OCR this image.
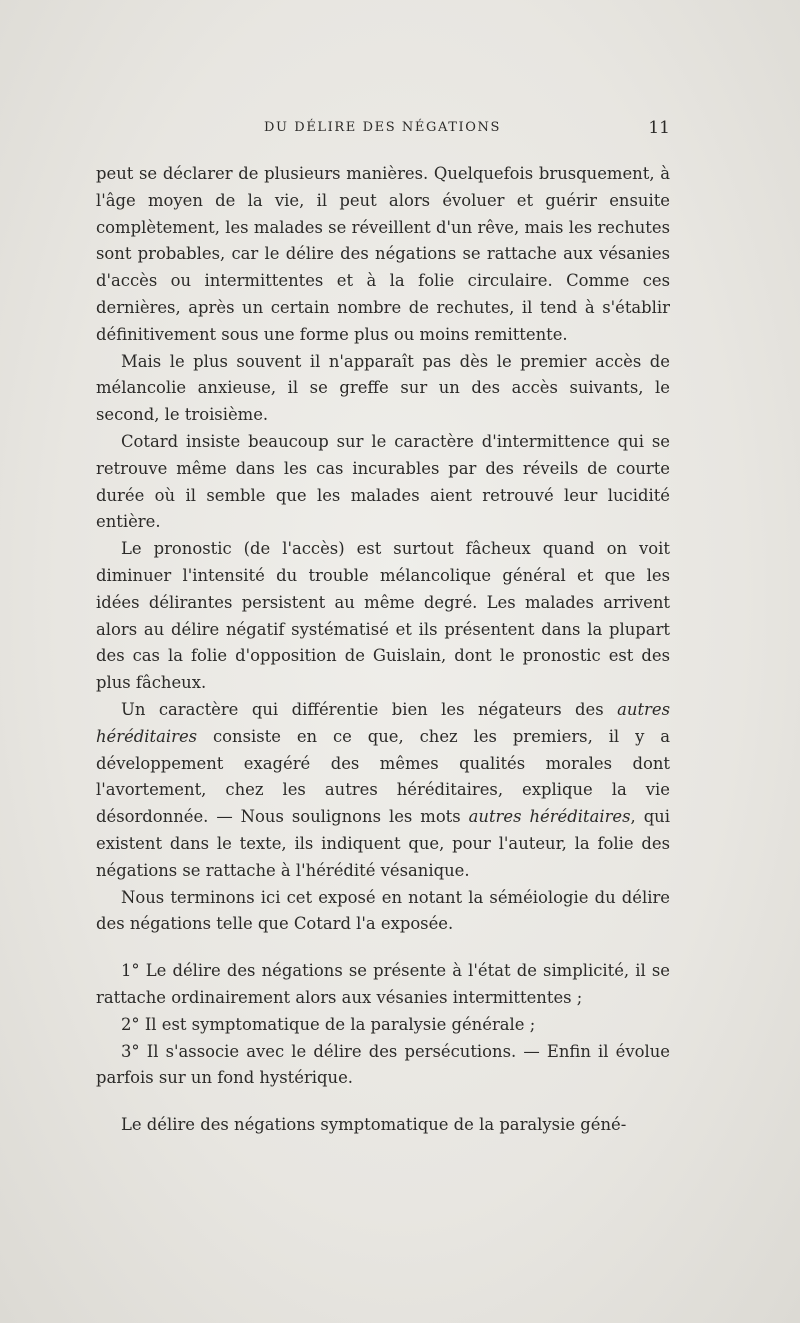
DU DÉLIRE DES NÉGATIONS	11

peut se déclarer de plusieurs manières. Quelquefois brusquement, à l'âge moyen de la vie, il peut alors évoluer et guérir ensuite complètement, les malades se réveillent d'un rêve, mais les rechutes sont probables, car le délire des négations se rattache aux vésanies d'accès ou intermittentes et à la folie circulaire. Comme ces dernières, après un certain nombre de rechutes, il tend à s'établir définitivement sous une forme plus ou moins remittente.

Mais le plus souvent il n'apparaît pas dès le premier accès de mélancolie anxieuse, il se greffe sur un des accès suivants, le second, le troisième.

Cotard insiste beaucoup sur le caractère d'intermittence qui se retrouve même dans les cas incurables par des réveils de courte durée où il semble que les malades aient retrouvé leur lucidité entière.

Le pronostic (de l'accès) est surtout fâcheux quand on voit diminuer l'intensité du trouble mélancolique général et que les idées délirantes persistent au même degré. Les malades arrivent alors au délire négatif systématisé et ils présentent dans la plupart des cas la folie d'opposition de Guislain, dont le pronostic est des plus fâcheux.

Un caractère qui différentie bien les négateurs des autres héréditaires consiste en ce que, chez les premiers, il y a développement exagéré des mêmes qualités morales dont l'avortement, chez les autres héréditaires, explique la vie désordonnée. — Nous soulignons les mots autres héréditaires, qui existent dans le texte, ils indiquent que, pour l'auteur, la folie des négations se rattache à l'hérédité vésanique.

Nous terminons ici cet exposé en notant la séméiologie du délire des négations telle que Cotard l'a exposée.

1° Le délire des négations se présente à l'état de simplicité, il se rattache ordinairement alors aux vésanies intermittentes ;

2° Il est symptomatique de la paralysie générale ;

3° Il s'associe avec le délire des persécutions. — Enfin il évolue parfois sur un fond hystérique.

Le délire des négations symptomatique de la paralysie géné-
